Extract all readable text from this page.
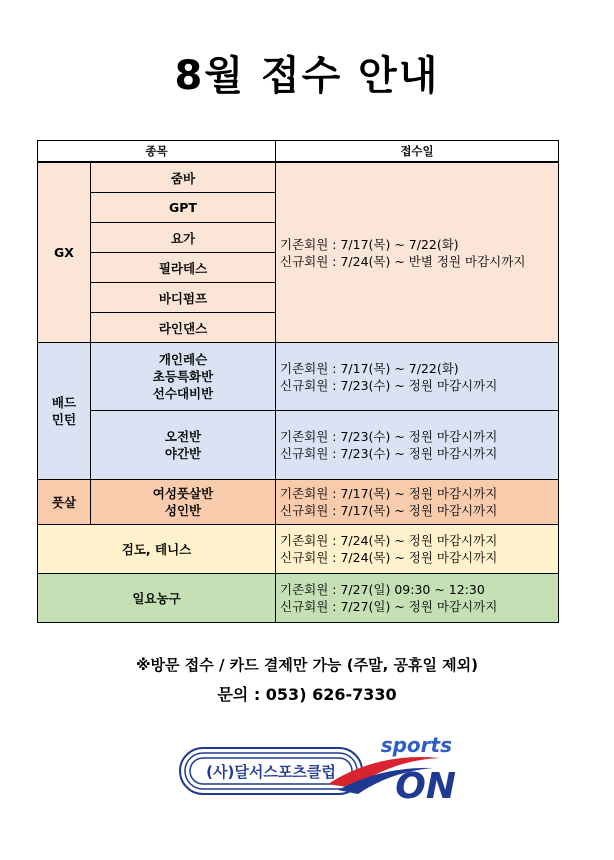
8월 접수 안내
종목		접수일
GX	줌바	기존회원 : 7/17(목) ~ 7/22(화)
신규회원 : 7/24(목) ~ 반별 정원 마감시까지

	GPT	
	요가	
	필라테스	
	바디펌프	
	라인댄스	

배드
민턴	개인레슨
초등특화반
선수대비반	기존회원 : 7/17(목) ~ 7/22(화)
신규회원 : 7/23(수) ~ 정원 마감시까지

	오전반
야간반	기존회원 : 7/23(수) ~ 정원 마감시까지
신규회원 : 7/23(수) ~ 정원 마감시까지

풋살	여성풋살반
성인반	기존회원 : 7/17(목) ~ 정원 마감시까지
신규회원 : 7/17(목) ~ 정원 마감시까지

검도, 테니스		기존회원 : 7/24(목) ~ 정원 마감시까지
신규회원 : 7/24(목) ~ 정원 마감시까지

일요농구		기존회원 : 7/27(일) 09:30 ~ 12:30
신규회원 : 7/27(일) ~ 정원 마감시까지
※방문 접수 / 카드 결제만 가능 (주말, 공휴일 제외)
문의 : 053) 626-7330
(사)달서스포츠클럽
sports
ON
